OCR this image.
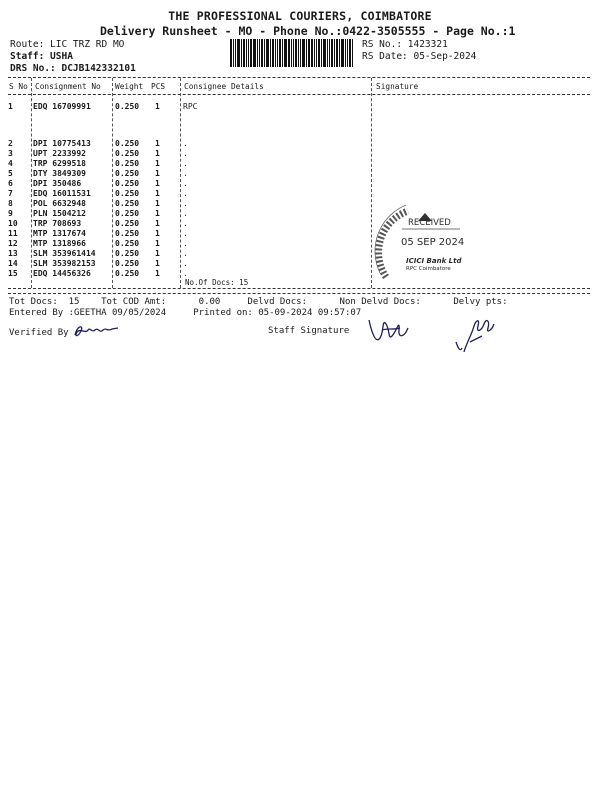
THE PROFESSIONAL COURIERS, COIMBATORE
Delivery Runsheet - MO - Phone No.:0422-3505555 - Page No.:1
Route: LIC TRZ RD MO
Staff: USHA
DRS No.: DCJB142332101
RS No.: 1423321
RS Date: 05-Sep-2024
S No Consignment No Weight PCS Consignee Details	Signature
1	EDQ 16709991	0.250 1	RPC
2	DPI 10775413	0.250 1	.
3	UPT 2233992	0.250 1	.
4	TRP 6299518	0.250 1	.
5	DTY 3849309	0.250 1	.
6	DPI 350486	0.250 1	.
7	EDQ 16011531	0.250 1	.
8	POL 6632948	0.250 1	.
9	PLN 1504212	0.250 1	.
10 TRP 708693	0.250 1	.
11 MTP 1317674	0.250 1	.
12 MTP 1318966	0.250 1	.
13 SLM 353961414 0.250 1	.
14 SLM 353982153 0.250 1	.
15 EDQ 14456326	0.250 1	.
No.Of Docs: 15
RECEIVED
05 SEP 2024
ICICI Bank Ltd
RPC Coimbatore
Tot Docs:  15    Tot COD Amt:      0.00     Delvd Docs:      Non Delvd Docs:      Delvy pts:
Entered By :GEETHA 09/05/2024     Printed on: 05-09-2024 09:57:07
Verified By	Staff Signature
